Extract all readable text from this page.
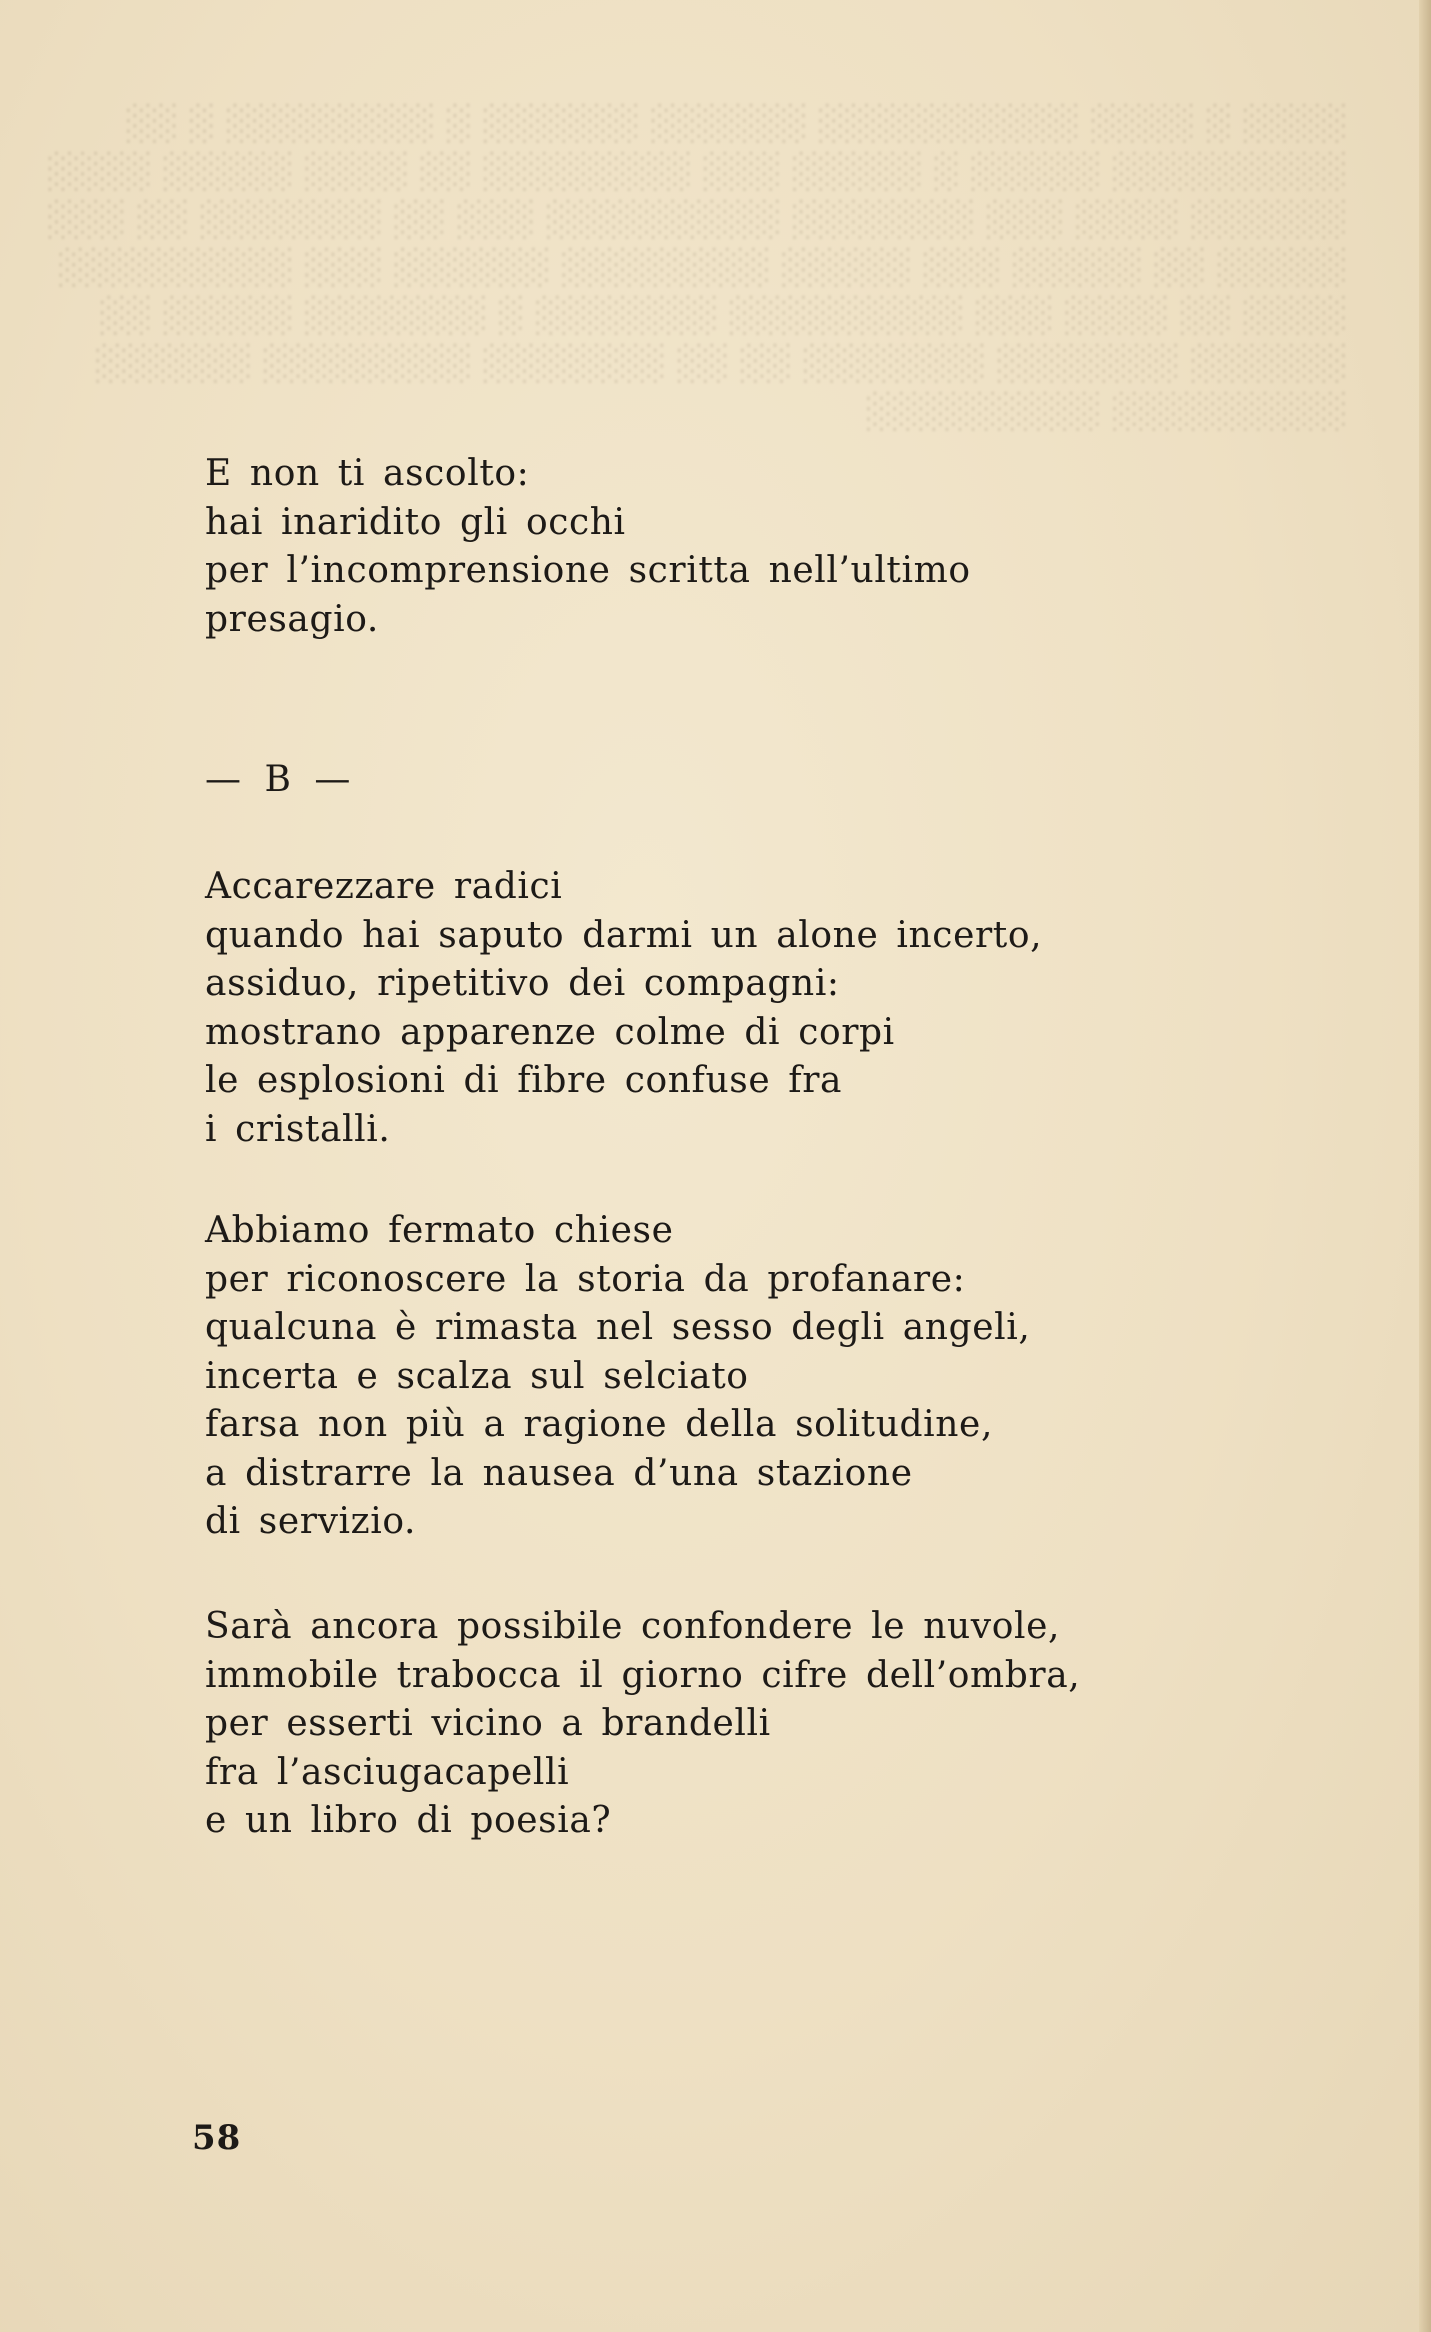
░░░░ ░ ░░░░ ░░░░░░░░░░ ░░░░░░ ░░░░░░ ░ ░░░░░░░░ ░ ░░
░░░░░░░░░ ░░░░░ ░ ░░░░░ ░░░ ░░░░░░░░ ░░ ░░░░ ░░░░░ ░░░░
░░░░░░ ░░░░ ░░░ ░░░░░░░ ░░░░░░░░░ ░░░ ░░ ░░░░░░░ ░░ ░░░
░░░░░ ░░ ░░░░░ ░░░ ░░░░░ ░░░░░░░░ ░░░░░░ ░░░ ░░░░░░░░░
░░░░ ░░ ░░░░ ░░░ ░░░░░░░░░ ░░░░░░░ ░ ░░░░░░░ ░░░░░ ░░
░░░░░░ ░░░░░░░ ░░░░░░░ ░░ ░░ ░░░░░░░ ░░░░░░░░ ░░░░░░
░░░░░░░░░ ░░░░░░░░░
E non ti ascolto:
hai inaridito gli occhi
per l’incomprensione scritta nell’ultimo
presagio.
— B —
Accarezzare radici
quando hai saputo darmi un alone incerto,
assiduo, ripetitivo dei compagni:
mostrano apparenze colme di corpi
le esplosioni di fibre confuse fra
i cristalli.
Abbiamo fermato chiese
per riconoscere la storia da profanare:
qualcuna è rimasta nel sesso degli angeli,
incerta e scalza sul selciato
farsa non più a ragione della solitudine,
a distrarre la nausea d’una stazione
di servizio.
Sarà ancora possibile confondere le nuvole,
immobile trabocca il giorno cifre dell’ombra,
per esserti vicino a brandelli
fra l’asciugacapelli
e un libro di poesia?
58
